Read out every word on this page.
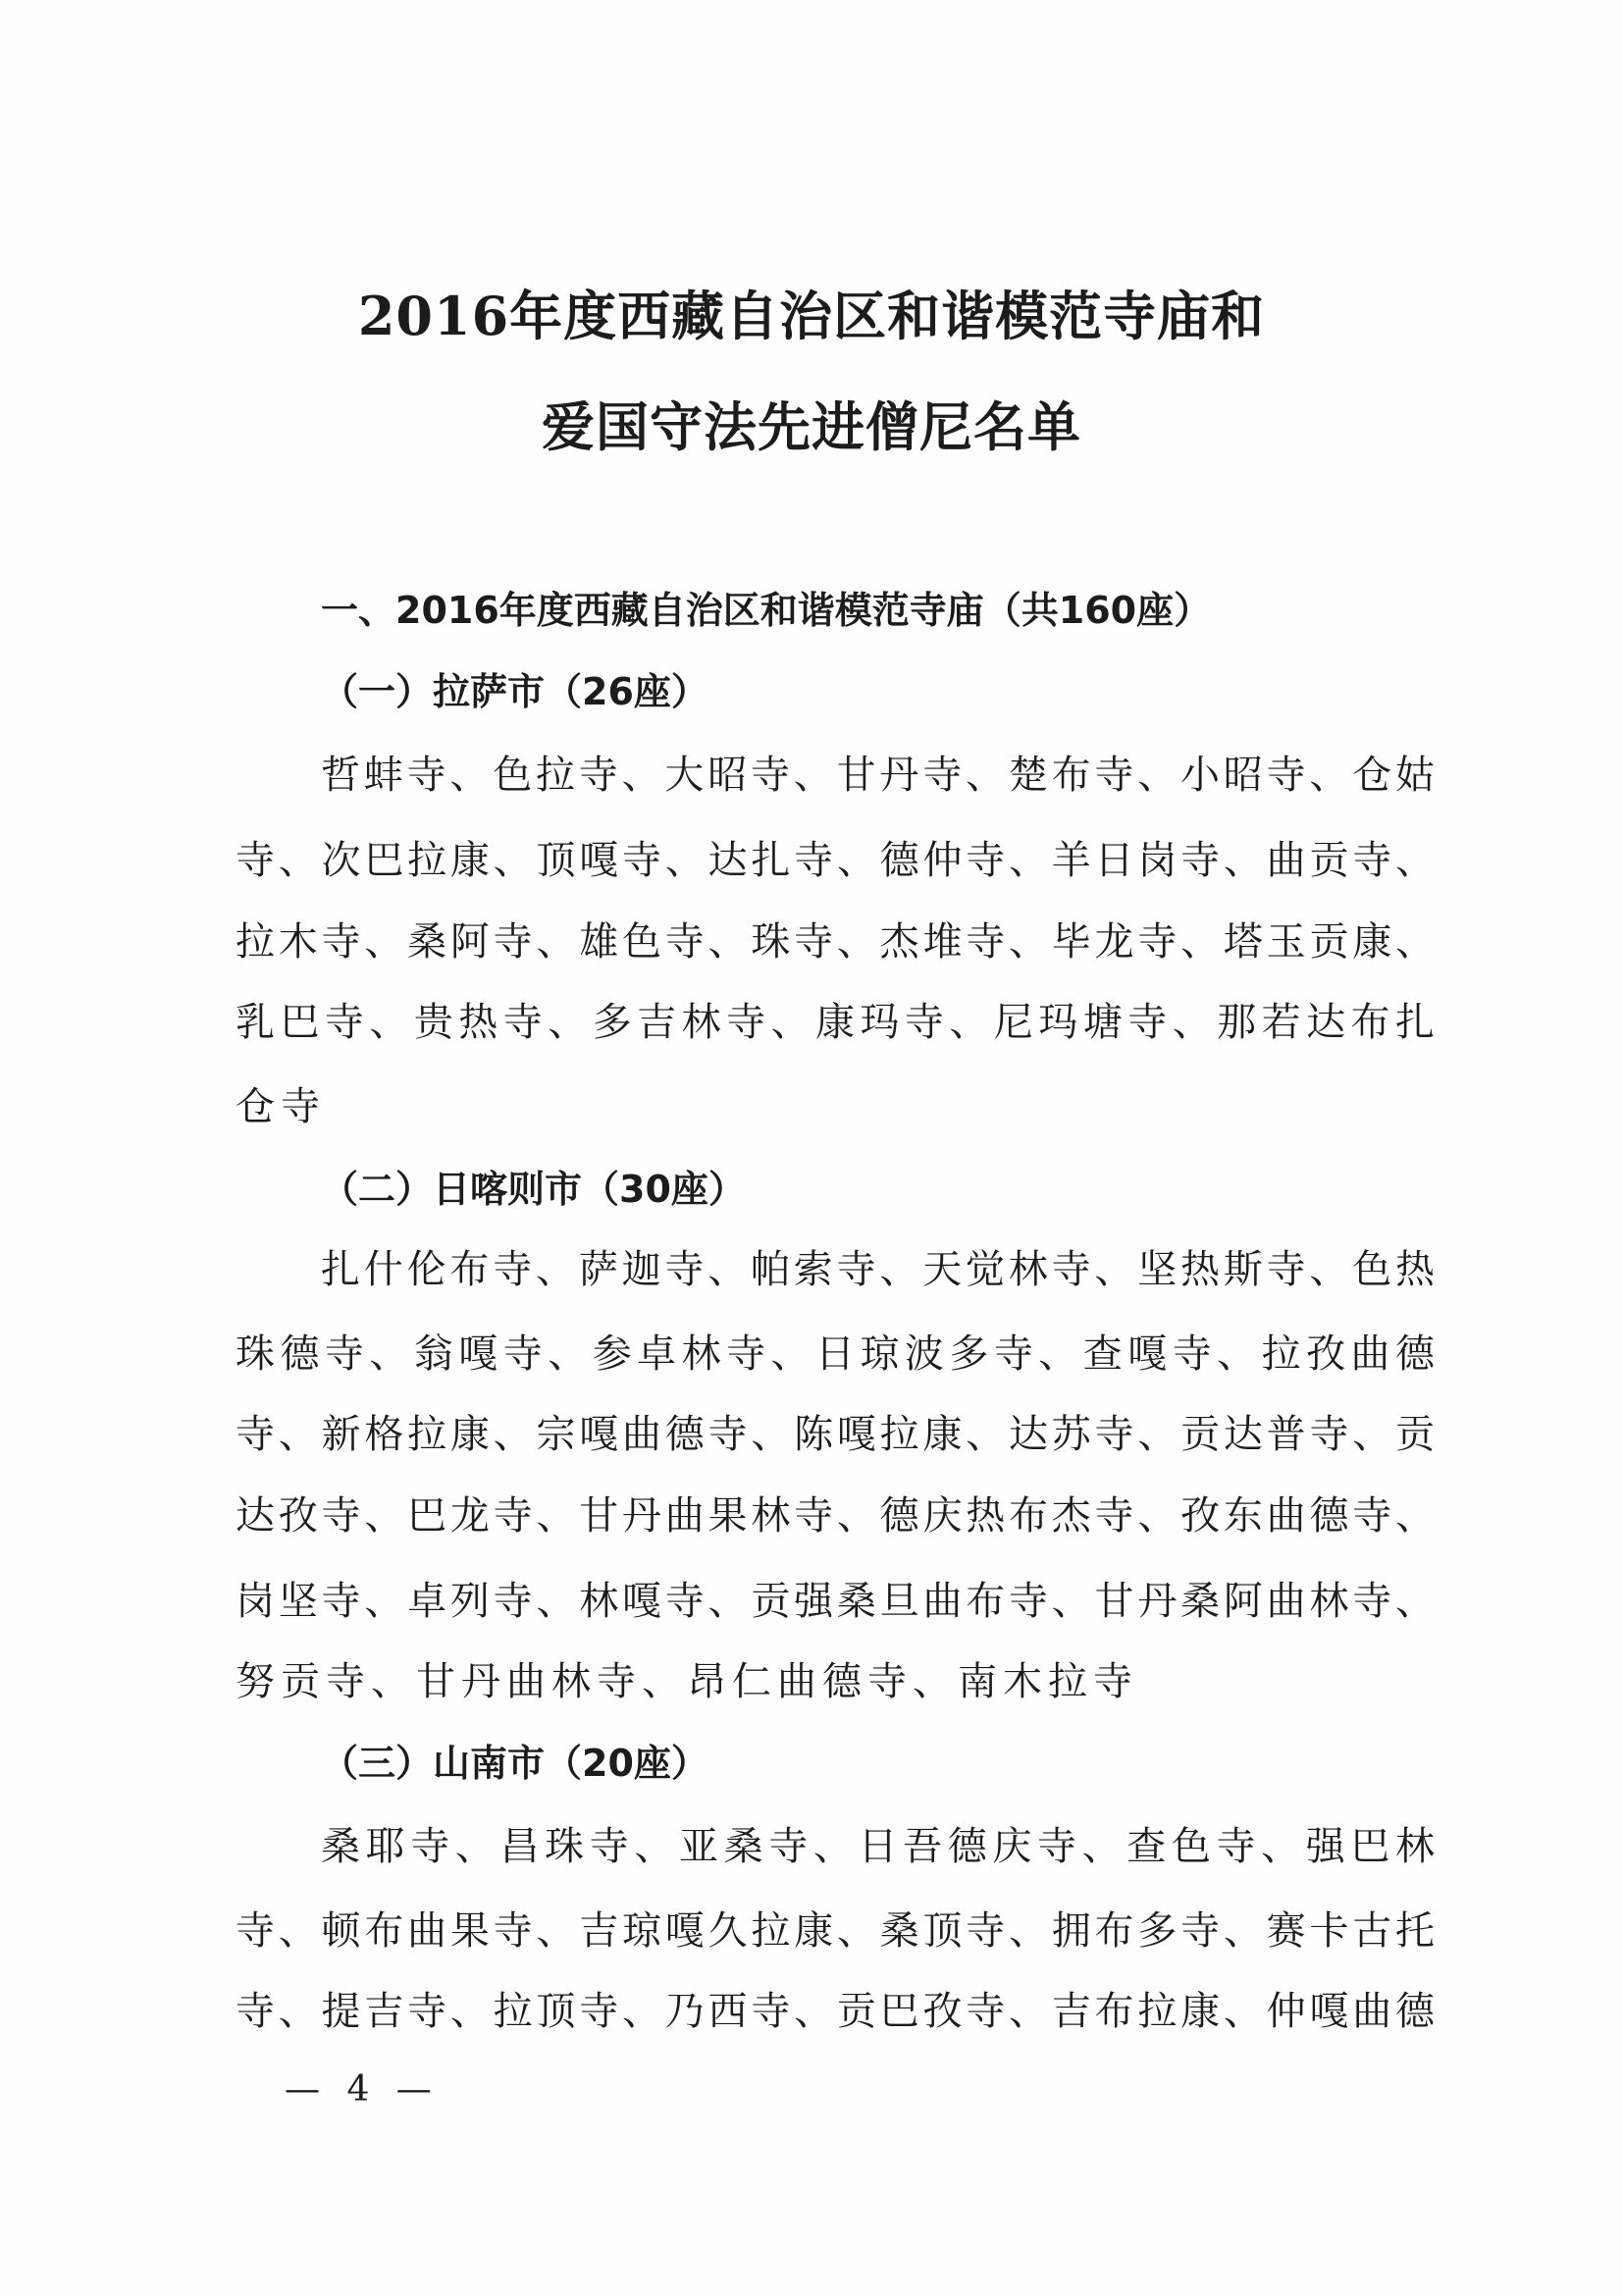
2016年度西藏自治区和谐模范寺庙和
爱国守法先进僧尼名单
一、2016年度西藏自治区和谐模范寺庙（共160座）
（一）拉萨市（26座）
哲蚌寺、色拉寺、大昭寺、甘丹寺、楚布寺、小昭寺、仓姑
寺、次巴拉康、顶嘎寺、达扎寺、德仲寺、羊日岗寺、曲贡寺、
拉木寺、桑阿寺、雄色寺、珠寺、杰堆寺、毕龙寺、塔玉贡康、
乳巴寺、贵热寺、多吉林寺、康玛寺、尼玛塘寺、那若达布扎
仓寺
（二）日喀则市（30座）
扎什伦布寺、萨迦寺、帕索寺、天觉林寺、坚热斯寺、色热
珠德寺、翁嘎寺、参卓林寺、日琼波多寺、查嘎寺、拉孜曲德
寺、新格拉康、宗嘎曲德寺、陈嘎拉康、达苏寺、贡达普寺、贡
达孜寺、巴龙寺、甘丹曲果林寺、德庆热布杰寺、孜东曲德寺、
岗坚寺、卓列寺、林嘎寺、贡强桑旦曲布寺、甘丹桑阿曲林寺、
努贡寺、甘丹曲林寺、昂仁曲德寺、南木拉寺
（三）山南市（20座）
桑耶寺、昌珠寺、亚桑寺、日吾德庆寺、查色寺、强巴林
寺、顿布曲果寺、吉琼嘎久拉康、桑顶寺、拥布多寺、赛卡古托
寺、提吉寺、拉顶寺、乃西寺、贡巴孜寺、吉布拉康、仲嘎曲德
— 4 —
